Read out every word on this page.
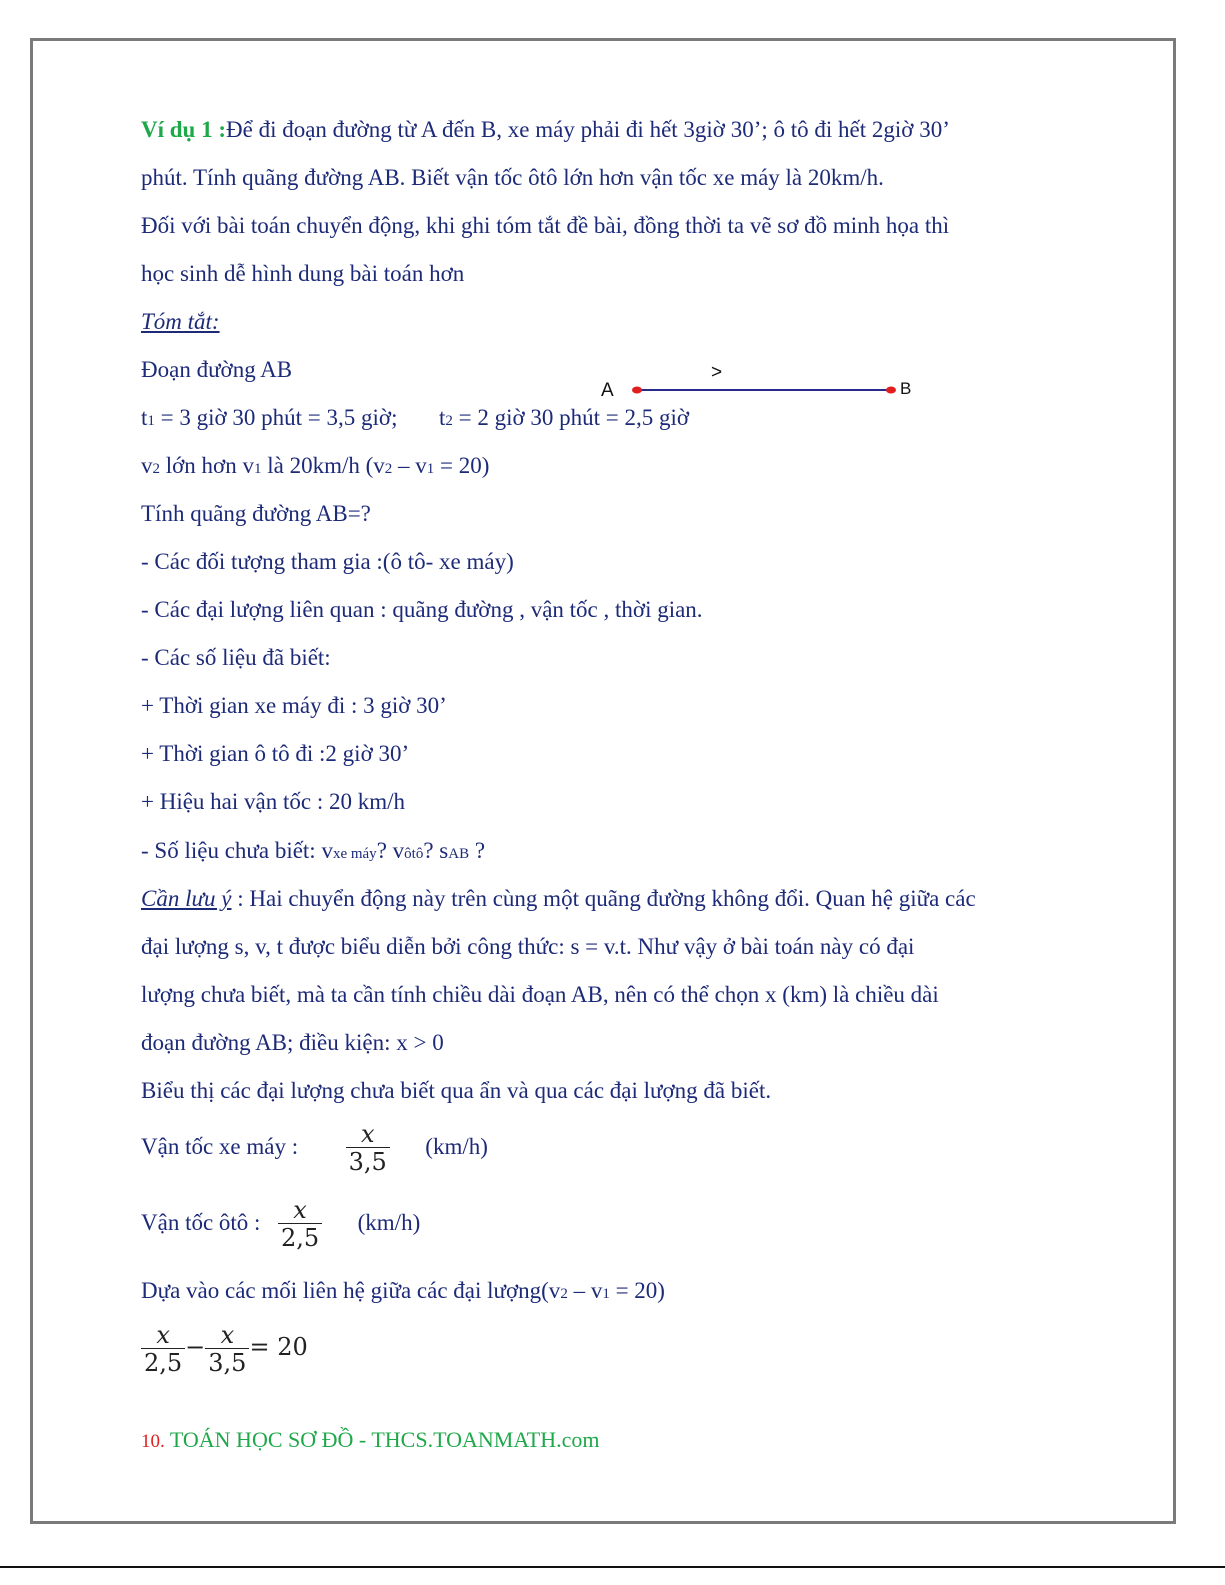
Ví dụ 1 :Để đi đoạn đường từ A đến B, xe máy phải đi hết 3giờ 30’; ô tô đi hết 2giờ 30’
phút. Tính quãng đường AB. Biết vận tốc ôtô lớn hơn vận tốc xe máy là 20km/h.
Đối với bài toán chuyển động, khi ghi tóm tắt đề bài, đồng thời ta vẽ sơ đồ minh họa thì
học sinh dễ hình dung bài toán hơn
Tóm tắt:
Đoạn đường AB
A
>
B
t1 = 3 giờ 30 phút = 3,5 giờ; t2 = 2 giờ 30 phút = 2,5 giờ
v2 lớn hơn v1 là 20km/h (v2 – v1 = 20)
Tính quãng đường AB=?
- Các đối tượng tham gia :(ô tô- xe máy)
- Các đại lượng liên quan : quãng đường , vận tốc , thời gian.
- Các số liệu đã biết:
+ Thời gian xe máy đi : 3 giờ 30’
+ Thời gian ô tô đi :2 giờ 30’
+ Hiệu hai vận tốc : 20 km/h
- Số liệu chưa biết: vxe máy? vôtô? sAB ?
Cần lưu ý : Hai chuyển động này trên cùng một quãng đường không đổi. Quan hệ giữa các
đại lượng s, v, t được biểu diễn bởi công thức: s = v.t. Như vậy ở bài toán này có đại
lượng chưa biết, mà ta cần tính chiều dài đoạn AB, nên có thể chọn x (km) là chiều dài
đoạn đường AB; điều kiện: x > 0
Biểu thị các đại lượng chưa biết qua ẩn và qua các đại lượng đã biết.
Vận tốc xe máy : $\frac{x}{3,5} (km/h)$
Vận tốc ôtô : $\frac{x}{2,5} (km/h)$
Dựa vào các mối liên hệ giữa các đại lượng(v2 – v1 = 20)
$\frac{x}{2,5} - \frac{x}{3,5} = 20$
10. TOÁN HỌC SƠ ĐỒ - THCS.TOANMATH.com
